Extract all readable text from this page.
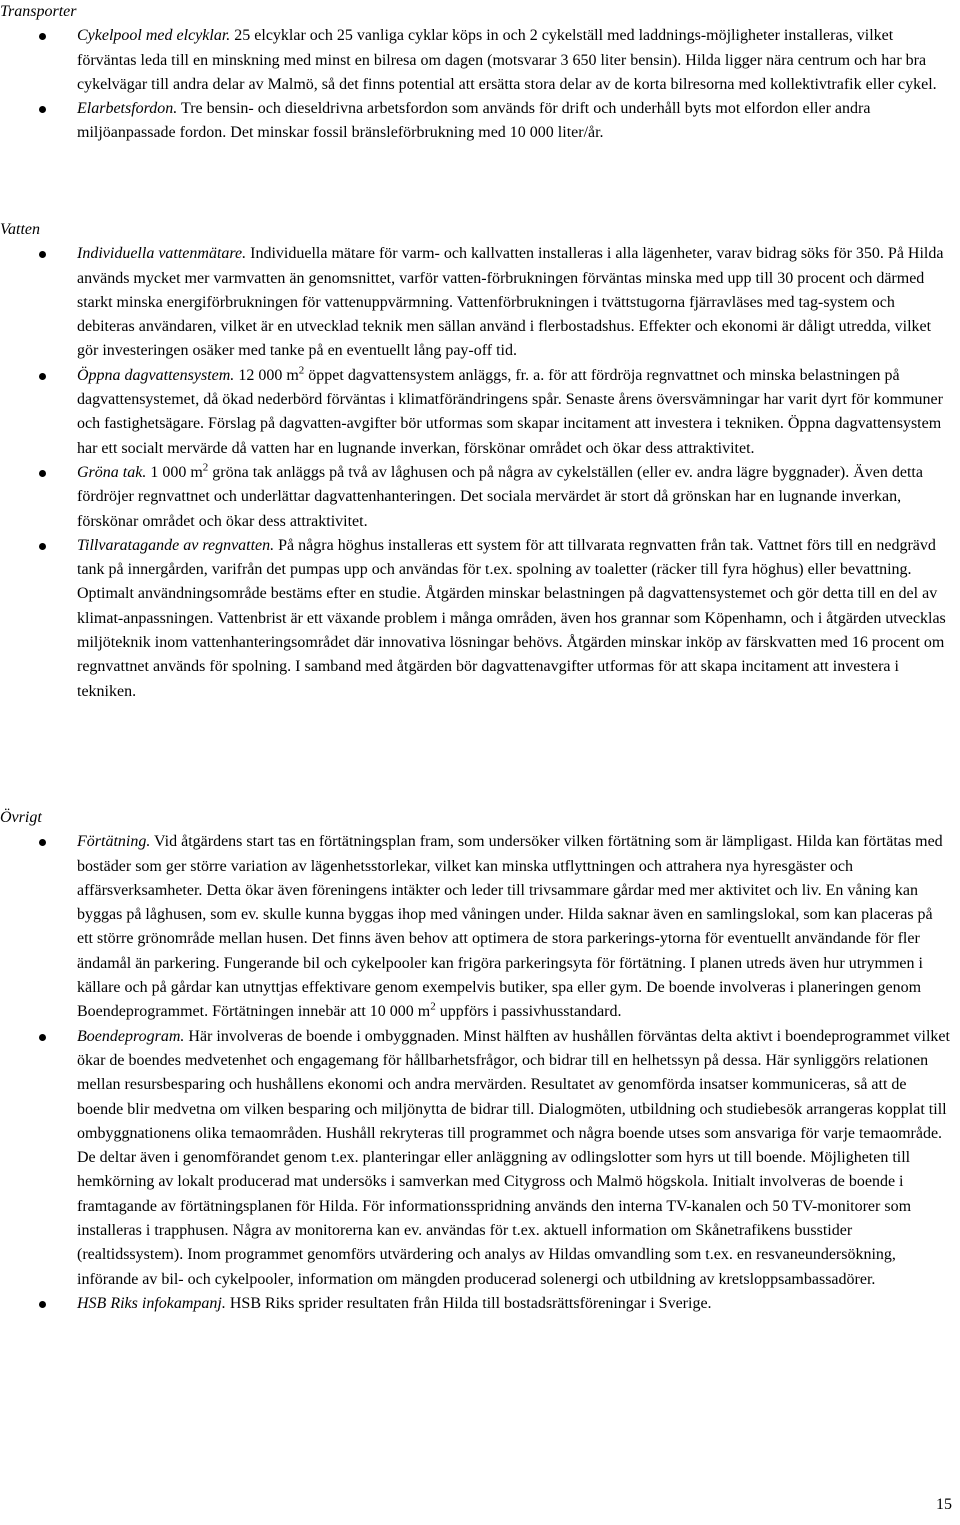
Transporter

Cykelpool med elcyklar. 25 elcyklar och 25 vanliga cyklar köps in och 2 cykelställ med laddnings-möjligheter installeras, vilket förväntas leda till en minskning med minst en bilresa om dagen (motsvarar 3 650 liter bensin). Hilda ligger nära centrum och har bra cykelvägar till andra delar av Malmö, så det finns potential att ersätta stora delar av de korta bilresorna med kollektivtrafik eller cykel.
Elarbetsfordon. Tre bensin- och dieseldrivna arbetsfordon som används för drift och underhåll byts mot elfordon eller andra miljöanpassade fordon. Det minskar fossil bränsleförbrukning med 10 000 liter/år.

Vatten

Individuella vattenmätare. Individuella mätare för varm- och kallvatten installeras i alla lägenheter, varav bidrag söks för 350. På Hilda används mycket mer varmvatten än genomsnittet, varför vatten-förbrukningen förväntas minska med upp till 30 procent och därmed starkt minska energiförbrukningen för vattenuppvärmning. Vattenförbrukningen i tvättstugorna fjärravläses med tag-system och debiteras användaren, vilket är en utvecklad teknik men sällan använd i flerbostadshus. Effekter och ekonomi är dåligt utredda, vilket gör investeringen osäker med tanke på en eventuellt lång pay-off tid.
Öppna dagvattensystem. 12 000 $m^2$ öppet dagvattensystem anläggs, fr. a. för att fördröja regnvattnet och minska belastningen på dagvattensystemet, då ökad nederbörd förväntas i klimatförändringens spår. Senaste årens översvämningar har varit dyrt för kommuner och fastighetsägare. Förslag på dagvatten-avgifter bör utformas som skapar incitament att investera i tekniken. Öppna dagvattensystem har ett socialt mervärde då vatten har en lugnande inverkan, förskönar området och ökar dess attraktivitet.
Gröna tak. 1 000 $m^2$ gröna tak anläggs på två av låghusen och på några av cykelställen (eller ev. andra lägre byggnader). Även detta fördröjer regnvattnet och underlättar dagvattenhanteringen. Det sociala mervärdet är stort då grönskan har en lugnande inverkan, förskönar området och ökar dess attraktivitet.
Tillvaratagande av regnvatten. På några höghus installeras ett system för att tillvarata regnvatten från tak. Vattnet förs till en nedgrävd tank på innergården, varifrån det pumpas upp och användas för t.ex. spolning av toaletter (räcker till fyra höghus) eller bevattning. Optimalt användningsområde bestäms efter en studie. Åtgärden minskar belastningen på dagvattensystemet och gör detta till en del av klimat-anpassningen. Vattenbrist är ett växande problem i många områden, även hos grannar som Köpenhamn, och i åtgärden utvecklas miljöteknik inom vattenhanteringsområdet där innovativa lösningar behövs. Åtgärden minskar inköp av färskvatten med 16 procent om regnvattnet används för spolning. I samband med åtgärden bör dagvattenavgifter utformas för att skapa incitament att investera i tekniken.

Övrigt

Förtätning. Vid åtgärdens start tas en förtätningsplan fram, som undersöker vilken förtätning som är lämpligast. Hilda kan förtätas med bostäder som ger större variation av lägenhetsstorlekar, vilket kan minska utflyttningen och attrahera nya hyresgäster och affärsverksamheter. Detta ökar även föreningens intäkter och leder till trivsammare gårdar med mer aktivitet och liv. En våning kan byggas på låghusen, som ev. skulle kunna byggas ihop med våningen under. Hilda saknar även en samlingslokal, som kan placeras på ett större grönområde mellan husen. Det finns även behov att optimera de stora parkerings-ytorna för eventuellt användande för fler ändamål än parkering. Fungerande bil och cykelpooler kan frigöra parkeringsyta för förtätning. I planen utreds även hur utrymmen i källare och på gårdar kan utnyttjas effektivare genom exempelvis butiker, spa eller gym. De boende involveras i planeringen genom Boendeprogrammet. Förtätningen innebär att 10 000 $m^2$ uppförs i passivhusstandard.
Boendeprogram. Här involveras de boende i ombyggnaden. Minst hälften av hushållen förväntas delta aktivt i boendeprogrammet vilket ökar de boendes medvetenhet och engagemang för hållbarhetsfrågor, och bidrar till en helhetssyn på dessa. Här synliggörs relationen mellan resursbesparing och hushållens ekonomi och andra mervärden. Resultatet av genomförda insatser kommuniceras, så att de boende blir medvetna om vilken besparing och miljönytta de bidrar till. Dialogmöten, utbildning och studiebesök arrangeras kopplat till ombyggnationens olika temaområden. Hushåll rekryteras till programmet och några boende utses som ansvariga för varje temaområde. De deltar även i genomförandet genom t.ex. planteringar eller anläggning av odlingslotter som hyrs ut till boende. Möjligheten till hemkörning av lokalt producerad mat undersöks i samverkan med Citygross och Malmö högskola. Initialt involveras de boende i framtagande av förtätningsplanen för Hilda. För informationsspridning används den interna TV-kanalen och 50 TV-monitorer som installeras i trapphusen. Några av monitorerna kan ev. användas för t.ex. aktuell information om Skånetrafikens busstider (realtidssystem). Inom programmet genomförs utvärdering och analys av Hildas omvandling som t.ex. en resvaneundersökning, införande av bil- och cykelpooler, information om mängden producerad solenergi och utbildning av kretsloppsambassadörer.
HSB Riks infokampanj. HSB Riks sprider resultaten från Hilda till bostadsrättsföreningar i Sverige.
15
